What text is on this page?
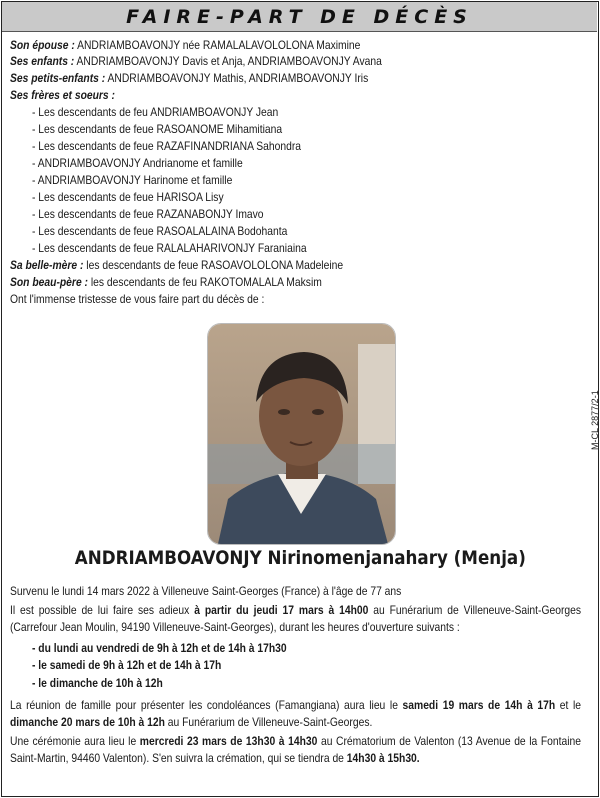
FAIRE-PART DE DÉCÈS
Son épouse : ANDRIAMBOAVONJY née RAMALALAVOLOLONA Maximine
Ses enfants : ANDRIAMBOAVONJY Davis et Anja, ANDRIAMBOAVONJY Avana
Ses petits-enfants : ANDRIAMBOAVONJY Mathis, ANDRIAMBOAVONJY Iris
Ses frères et soeurs :
- Les descendants de feu ANDRIAMBOAVONJY Jean
- Les descendants de feue RASOANOME Mihamitiana
- Les descendants de feue RAZAFINANDRIANA Sahondra
- ANDRIAMBOAVONJY Andrianome et famille
- ANDRIAMBOAVONJY Harinome et famille
- Les descendants de feue HARISOA Lisy
- Les descendants de feue RAZANABONJY Imavo
- Les descendants de feue RASOALALAINA Bodohanta
- Les descendants de feue RALALAHARIVONJY Faraniaina
Sa belle-mère : les descendants de feue RASOAVOLOLONA Madeleine
Son beau-père : les descendants de feu RAKOTOMALALA Maksim
Ont l'immense tristesse de vous faire part du décès de :
M-CL 2877/2-1
ANDRIAMBOAVONJY Nirinomenjanahary (Menja)
Survenu le lundi 14 mars 2022 à Villeneuve Saint-Georges (France) à l'âge de 77 ans
Il est possible de lui faire ses adieux à partir du jeudi 17 mars à 14h00 au Funérarium de Villeneuve-Saint-Georges (Carrefour Jean Moulin, 94190 Villeneuve-Saint-Georges), durant les heures d'ouverture suivants :
- du lundi au vendredi de 9h à 12h et de 14h à 17h30
- le samedi de 9h à 12h et de 14h à 17h
- le dimanche de 10h à 12h
La réunion de famille pour présenter les condoléances (Famangiana) aura lieu le samedi 19 mars de 14h à 17h et le dimanche 20 mars de 10h à 12h au Funérarium de Villeneuve-Saint-Georges.
Une cérémonie aura lieu le mercredi 23 mars de 13h30 à 14h30 au Crématorium de Valenton (13 Avenue de la Fontaine Saint-Martin, 94460 Valenton). S'en suivra la crémation, qui se tiendra de 14h30 à 15h30.
